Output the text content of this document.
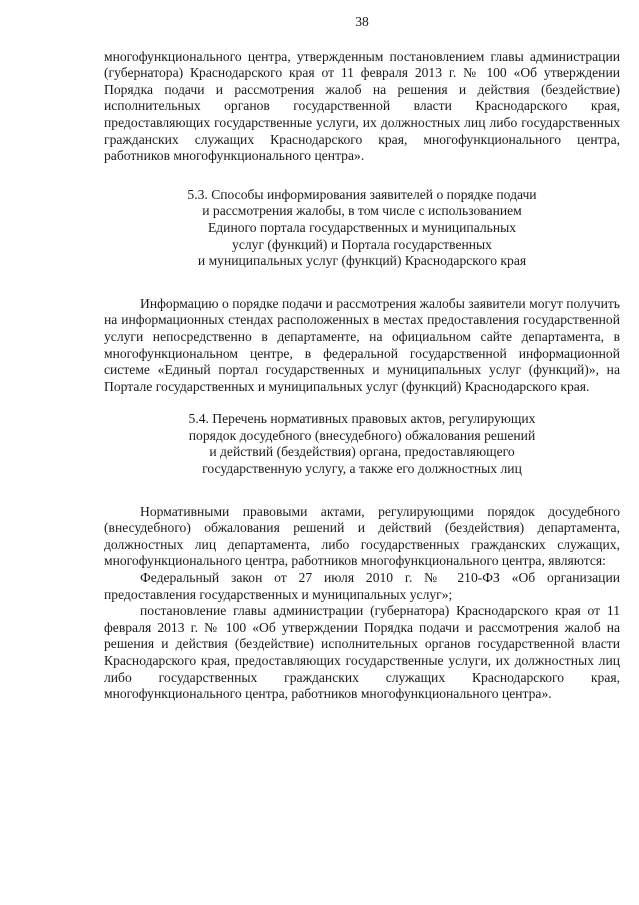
38

многофункционального центра, утвержденным постановлением главы администрации (губернатора) Краснодарского края от 11 февраля 2013 г. № 100 «Об утверждении Порядка подачи и рассмотрения жалоб на решения и действия (бездействие) исполнительных органов государственной власти Краснодарского края, предоставляющих государственные услуги, их должностных лиц либо государственных гражданских служащих Краснодарского края, многофункционального центра, работников многофункционального центра».

5.3. Способы информирования заявителей о порядке подачи
и рассмотрения жалобы, в том числе с использованием
Единого портала государственных и муниципальных
услуг (функций) и Портала государственных
и муниципальных услуг (функций) Краснодарского края

Информацию о порядке подачи и рассмотрения жалобы заявители могут получить на информационных стендах расположенных в местах предоставления государственной услуги непосредственно в департаменте, на официальном сайте департамента, в многофункциональном центре, в федеральной государственной информационной системе «Единый портал государственных и муниципальных услуг (функций)», на Портале государственных и муниципальных услуг (функций) Краснодарского края.

5.4. Перечень нормативных правовых актов, регулирующих
порядок досудебного (внесудебного) обжалования решений
и действий (бездействия) органа, предоставляющего
государственную услугу, а также его должностных лиц

Нормативными правовыми актами, регулирующими порядок досудебного (внесудебного) обжалования решений и действий (бездействия) департамента, должностных лиц департамента, либо государственных гражданских служащих, многофункционального центра, работников многофункционального центра, являются:

Федеральный закон от 27 июля 2010 г. № 210-ФЗ «Об организации предоставления государственных и муниципальных услуг»;

постановление главы администрации (губернатора) Краснодарского края от 11 февраля 2013 г. № 100 «Об утверждении Порядка подачи и рассмотрения жалоб на решения и действия (бездействие) исполнительных органов государственной власти Краснодарского края, предоставляющих государственные услуги, их должностных лиц либо государственных гражданских служащих Краснодарского края, многофункционального центра, работников многофункционального центра».
